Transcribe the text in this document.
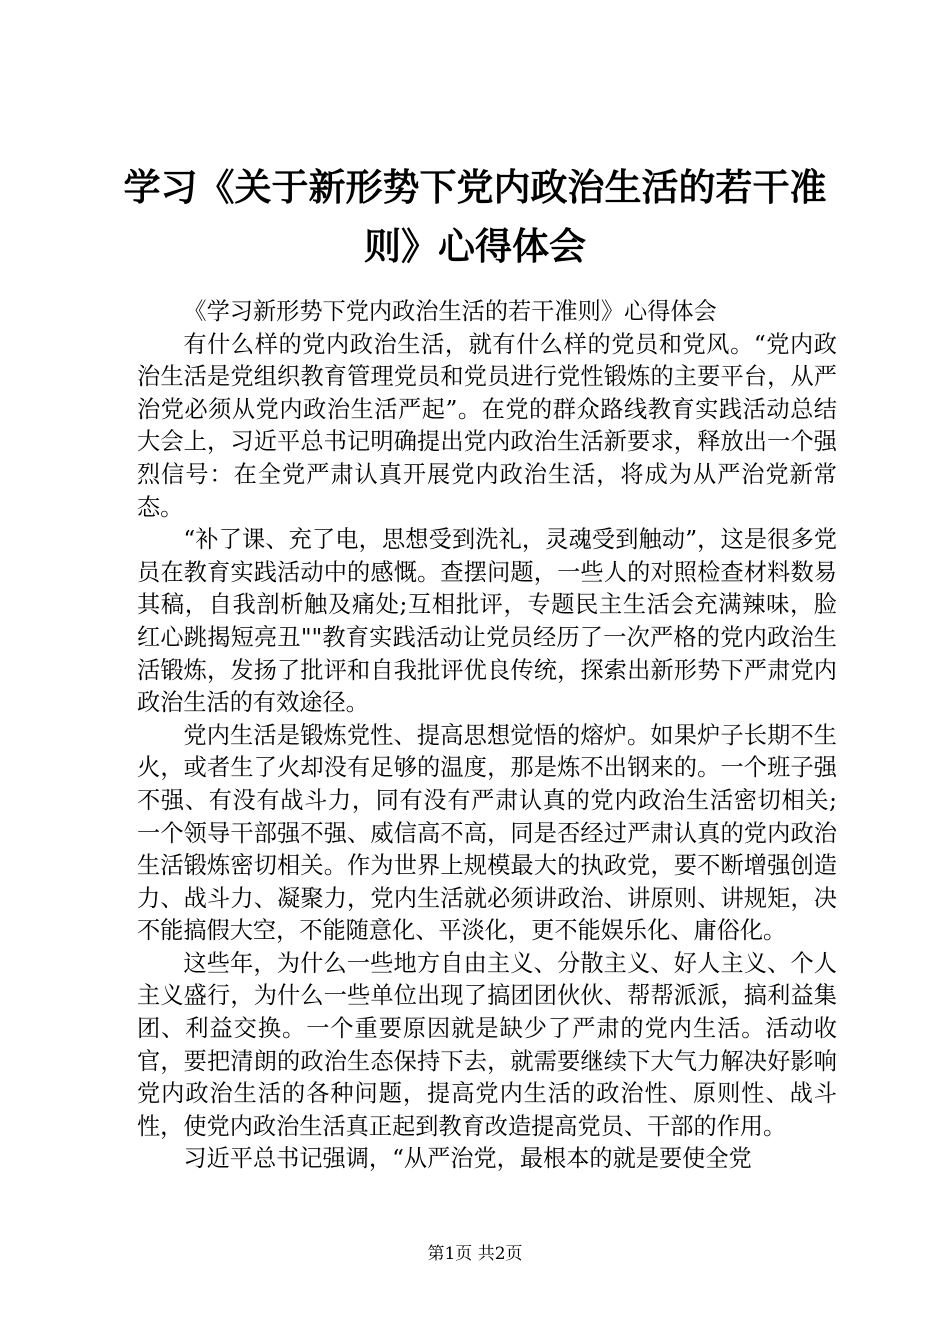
学习《关于新形势下党内政治生活的若干准
则》心得体会

《学习新形势下党内政治生活的若干准则》心得体会

有什么样的党内政治生活，就有什么样的党员和党风。“党内政治生活是党组织教育管理党员和党员进行党性锻炼的主要平台，从严治党必须从党内政治生活严起”。在党的群众路线教育实践活动总结大会上，习近平总书记明确提出党内政治生活新要求，释放出一个强烈信号：在全党严肃认真开展党内政治生活，将成为从严治党新常态。

“补了课、充了电，思想受到洗礼，灵魂受到触动”，这是很多党员在教育实践活动中的感慨。查摆问题，一些人的对照检查材料数易其稿，自我剖析触及痛处;互相批评，专题民主生活会充满辣味，脸红心跳揭短亮丑""教育实践活动让党员经历了一次严格的党内政治生活锻炼，发扬了批评和自我批评优良传统，探索出新形势下严肃党内政治生活的有效途径。

党内生活是锻炼党性、提高思想觉悟的熔炉。如果炉子长期不生火，或者生了火却没有足够的温度，那是炼不出钢来的。一个班子强不强、有没有战斗力，同有没有严肃认真的党内政治生活密切相关;一个领导干部强不强、威信高不高，同是否经过严肃认真的党内政治生活锻炼密切相关。作为世界上规模最大的执政党，要不断增强创造力、战斗力、凝聚力，党内生活就必须讲政治、讲原则、讲规矩，决不能搞假大空，不能随意化、平淡化，更不能娱乐化、庸俗化。

这些年，为什么一些地方自由主义、分散主义、好人主义、个人主义盛行，为什么一些单位出现了搞团团伙伙、帮帮派派，搞利益集团、利益交换。一个重要原因就是缺少了严肃的党内生活。活动收官，要把清朗的政治生态保持下去，就需要继续下大气力解决好影响党内政治生活的各种问题，提高党内生活的政治性、原则性、战斗性，使党内政治生活真正起到教育改造提高党员、干部的作用。

习近平总书记强调，“从严治党，最根本的就是要使全党

第1页 共2页
